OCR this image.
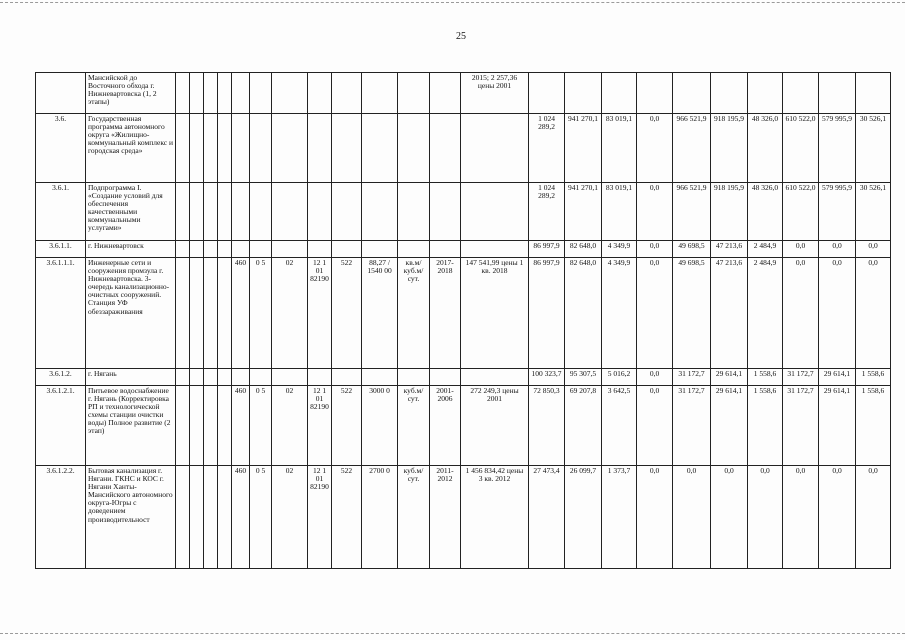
25
	Мансийской до Восточного обхода г. Нижневартовска (1, 2 этапы)													2015; 2 257,36 цены 2001										
3.6.	Государственная программа автономного округа «Жилищно-коммунальный комплекс и городская среда»														1 024 289,2	941 270,1	83 019,1	0,0	966 521,9	918 195,9	48 326,0	610 522,0	579 995,9	30 526,1
3.6.1.	Подпрограмма I. «Создание условий для обеспечения качественными коммунальными услугами»														1 024 289,2	941 270,1	83 019,1	0,0	966 521,9	918 195,9	48 326,0	610 522,0	579 995,9	30 526,1
3.6.1.1.	г. Нижневартовск														86 997,9	82 648,0	4 349,9	0,0	49 698,5	47 213,6	2 484,9	0,0	0,0	0,0
3.6.1.1.1.	Инженерные сети и сооружения промзула г. Нижневартовска. 3-очередь канализационно-очистных сооружений. Станция УФ обеззараживания					460	0 5	02	12 1 01 82190	522	88,27 / 1540 00	кв.м/ куб.м/ сут.	2017-2018	147 541,99 цены 1 кв. 2018	86 997,9	82 648,0	4 349,9	0,0	49 698,5	47 213,6	2 484,9	0,0	0,0	0,0
3.6.1.2.	г. Нягань														100 323,7	95 307,5	5 016,2	0,0	31 172,7	29 614,1	1 558,6	31 172,7	29 614,1	1 558,6
3.6.1.2.1.	Питьевое водоснабжение г. Нягань (Корректировка РП и технологической схемы станции очистки воды) Полное развитие (2 этап)					460	0 5	02	12 1 01 82190	522	3000 0	куб.м/ сут.	2001-2006	272 249,3 цены 2001	72 850,3	69 207,8	3 642,5	0,0	31 172,7	29 614,1	1 558,6	31 172,7	29 614,1	1 558,6
3.6.1.2.2.	Бытовая канализация г. Нягани. ГКНС и КОС г. Нягани Ханты-Мансийского автономного округа-Югры с доведением производительност					460	0 5	02	12 1 01 82190	522	2700 0	куб.м/ сут.	2011-2012	1 456 834,42 цены 3 кв. 2012	27 473,4	26 099,7	1 373,7	0,0	0,0	0,0	0,0	0,0	0,0	0,0
